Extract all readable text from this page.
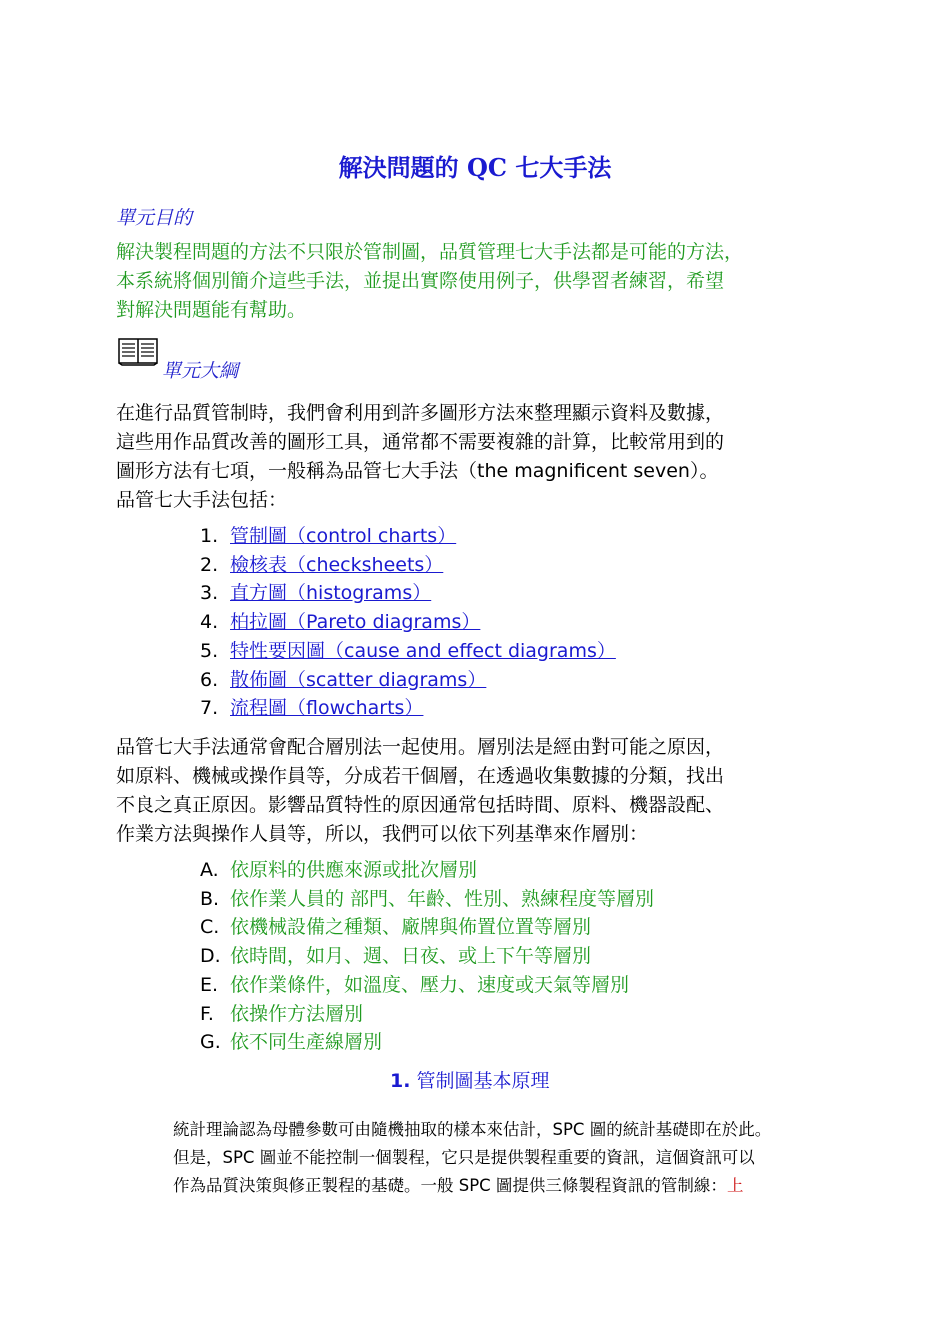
解決問題的 QC 七大手法
單元目的

解決製程問題的方法不只限於管制圖，品質管理七大手法都是可能的方法，
本系統將個別簡介這些手法，並提出實際使用例子，供學習者練習，希望
對解決問題能有幫助。

單元大綱

在進行品質管制時，我們會利用到許多圖形方法來整理顯示資料及數據，
這些用作品質改善的圖形工具，通常都不需要複雜的計算，比較常用到的
圖形方法有七項，一般稱為品管七大手法（the magnificent seven）。
品管七大手法包括：

1. 管制圖（control charts）
2. 檢核表（checksheets）
3. 直方圖（histograms）
4. 柏拉圖（Pareto diagrams）
5. 特性要因圖（cause and effect diagrams）
6. 散佈圖（scatter diagrams）
7. 流程圖（flowcharts）

品管七大手法通常會配合層別法一起使用。層別法是經由對可能之原因，
如原料、機械或操作員等，分成若干個層，在透過收集數據的分類，找出
不良之真正原因。影響品質特性的原因通常包括時間、原料、機器設配、
作業方法與操作人員等，所以，我們可以依下列基準來作層別：

A. 依原料的供應來源或批次層別
B. 依作業人員的 部門、年齡、性別、熟練程度等層別
C. 依機械設備之種類、廠牌與佈置位置等層別
D. 依時間，如月、週、日夜、或上下午等層別
E. 依作業條件，如溫度、壓力、速度或天氣等層別
F. 依操作方法層別
G. 依不同生產線層別
1. 管制圖基本原理

統計理論認為母體參數可由隨機抽取的樣本來估計，SPC 圖的統計基礎即在於此。
但是，SPC 圖並不能控制一個製程，它只是提供製程重要的資訊，這個資訊可以
作為品質決策與修正製程的基礎。一般 SPC 圖提供三條製程資訊的管制線：上
